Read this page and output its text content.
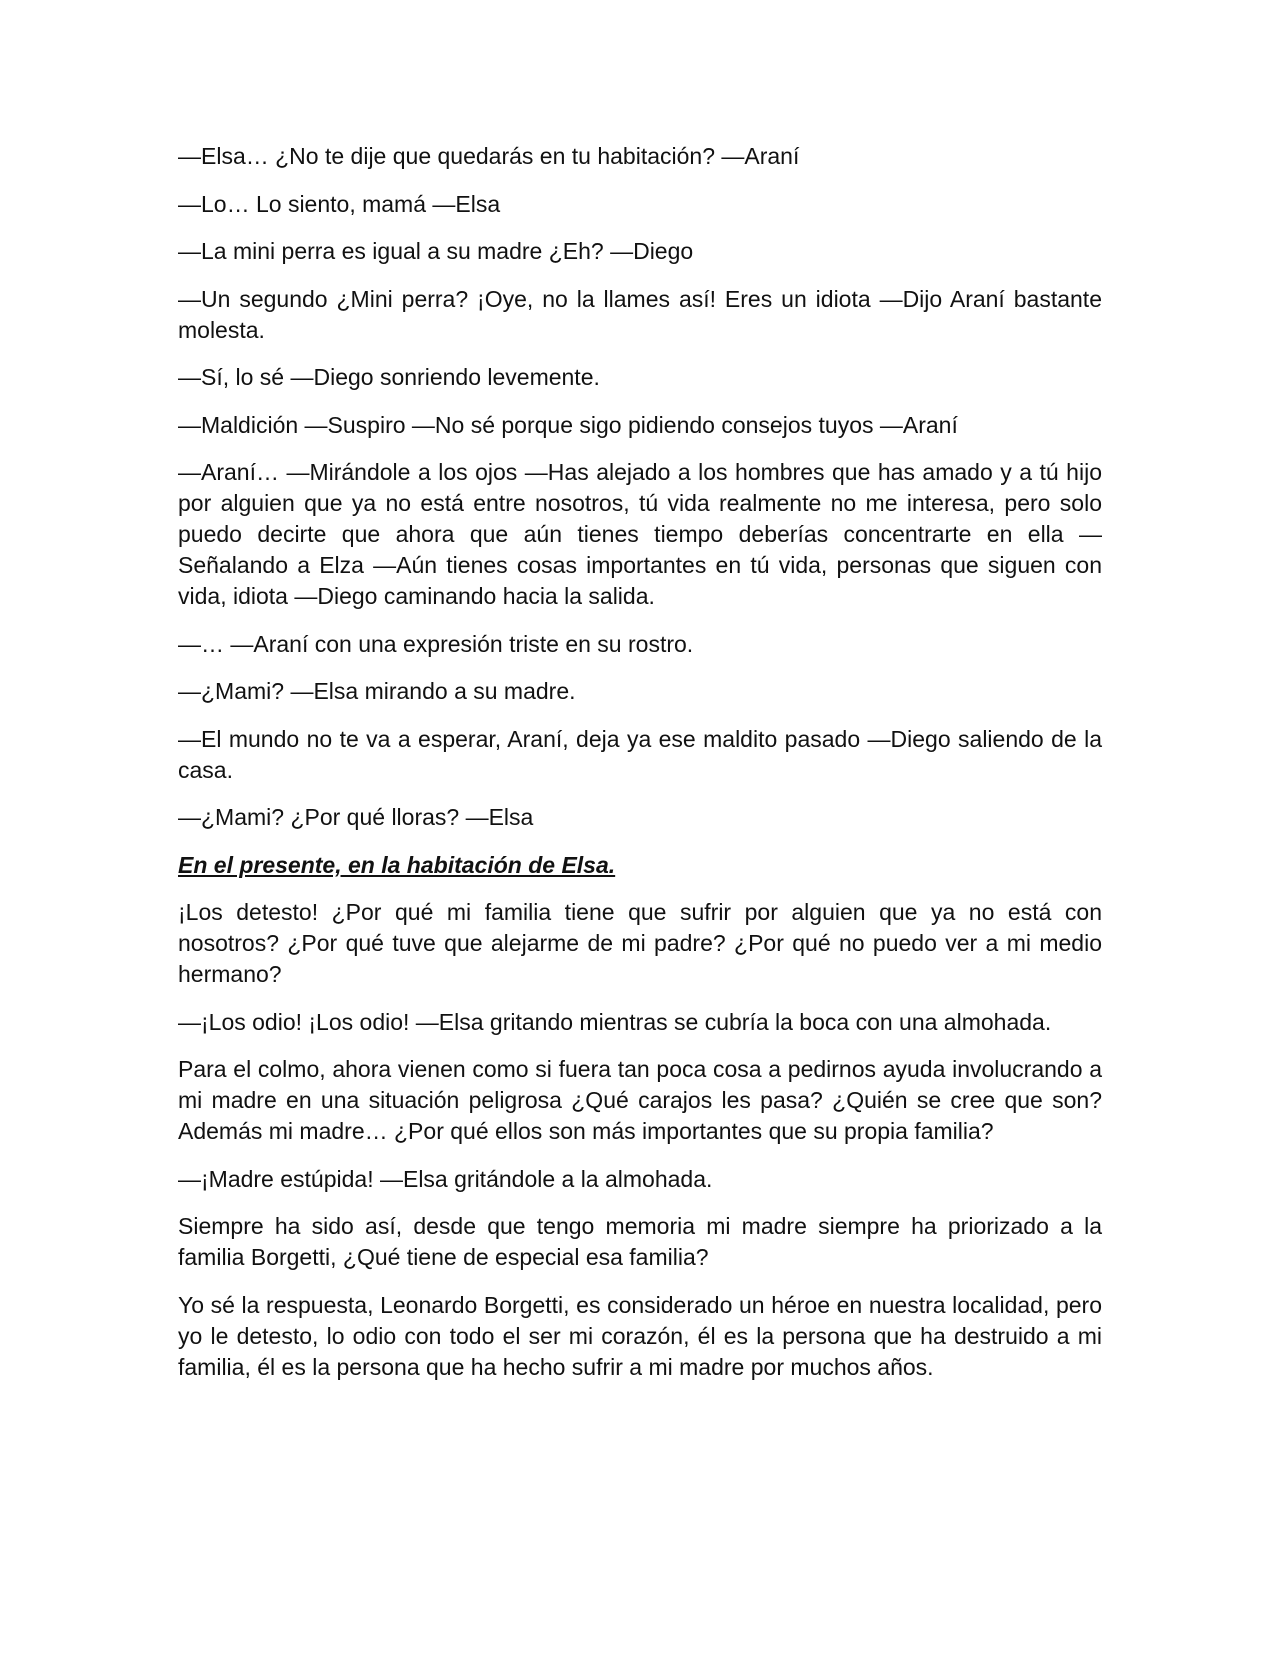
—Elsa… ¿No te dije que quedarás en tu habitación? —Araní

—Lo… Lo siento, mamá —Elsa

—La mini perra es igual a su madre ¿Eh? —Diego

—Un segundo ¿Mini perra? ¡Oye, no la llames así! Eres un idiota —Dijo Araní bastante molesta.

—Sí, lo sé —Diego sonriendo levemente.

—Maldición —Suspiro —No sé porque sigo pidiendo consejos tuyos —Araní

—Araní… —Mirándole a los ojos —Has alejado a los hombres que has amado y a tú hijo por alguien que ya no está entre nosotros, tú vida realmente no me interesa, pero solo puedo decirte que ahora que aún tienes tiempo deberías concentrarte en ella —Señalando a Elza —Aún tienes cosas importantes en tú vida, personas que siguen con vida, idiota —Diego caminando hacia la salida.

—… —Araní con una expresión triste en su rostro.

—¿Mami? —Elsa mirando a su madre.

—El mundo no te va a esperar, Araní, deja ya ese maldito pasado —Diego saliendo de la casa.

—¿Mami? ¿Por qué lloras? —Elsa

En el presente, en la habitación de Elsa.

¡Los detesto! ¿Por qué mi familia tiene que sufrir por alguien que ya no está con nosotros? ¿Por qué tuve que alejarme de mi padre? ¿Por qué no puedo ver a mi medio hermano?

—¡Los odio! ¡Los odio! —Elsa gritando mientras se cubría la boca con una almohada.

Para el colmo, ahora vienen como si fuera tan poca cosa a pedirnos ayuda involucrando a mi madre en una situación peligrosa ¿Qué carajos les pasa? ¿Quién se cree que son? Además mi madre… ¿Por qué ellos son más importantes que su propia familia?

—¡Madre estúpida! —Elsa gritándole a la almohada.

Siempre ha sido así, desde que tengo memoria mi madre siempre ha priorizado a la familia Borgetti, ¿Qué tiene de especial esa familia?

Yo sé la respuesta, Leonardo Borgetti, es considerado un héroe en nuestra localidad, pero yo le detesto, lo odio con todo el ser mi corazón, él es la persona que ha destruido a mi familia, él es la persona que ha hecho sufrir a mi madre por muchos años.
